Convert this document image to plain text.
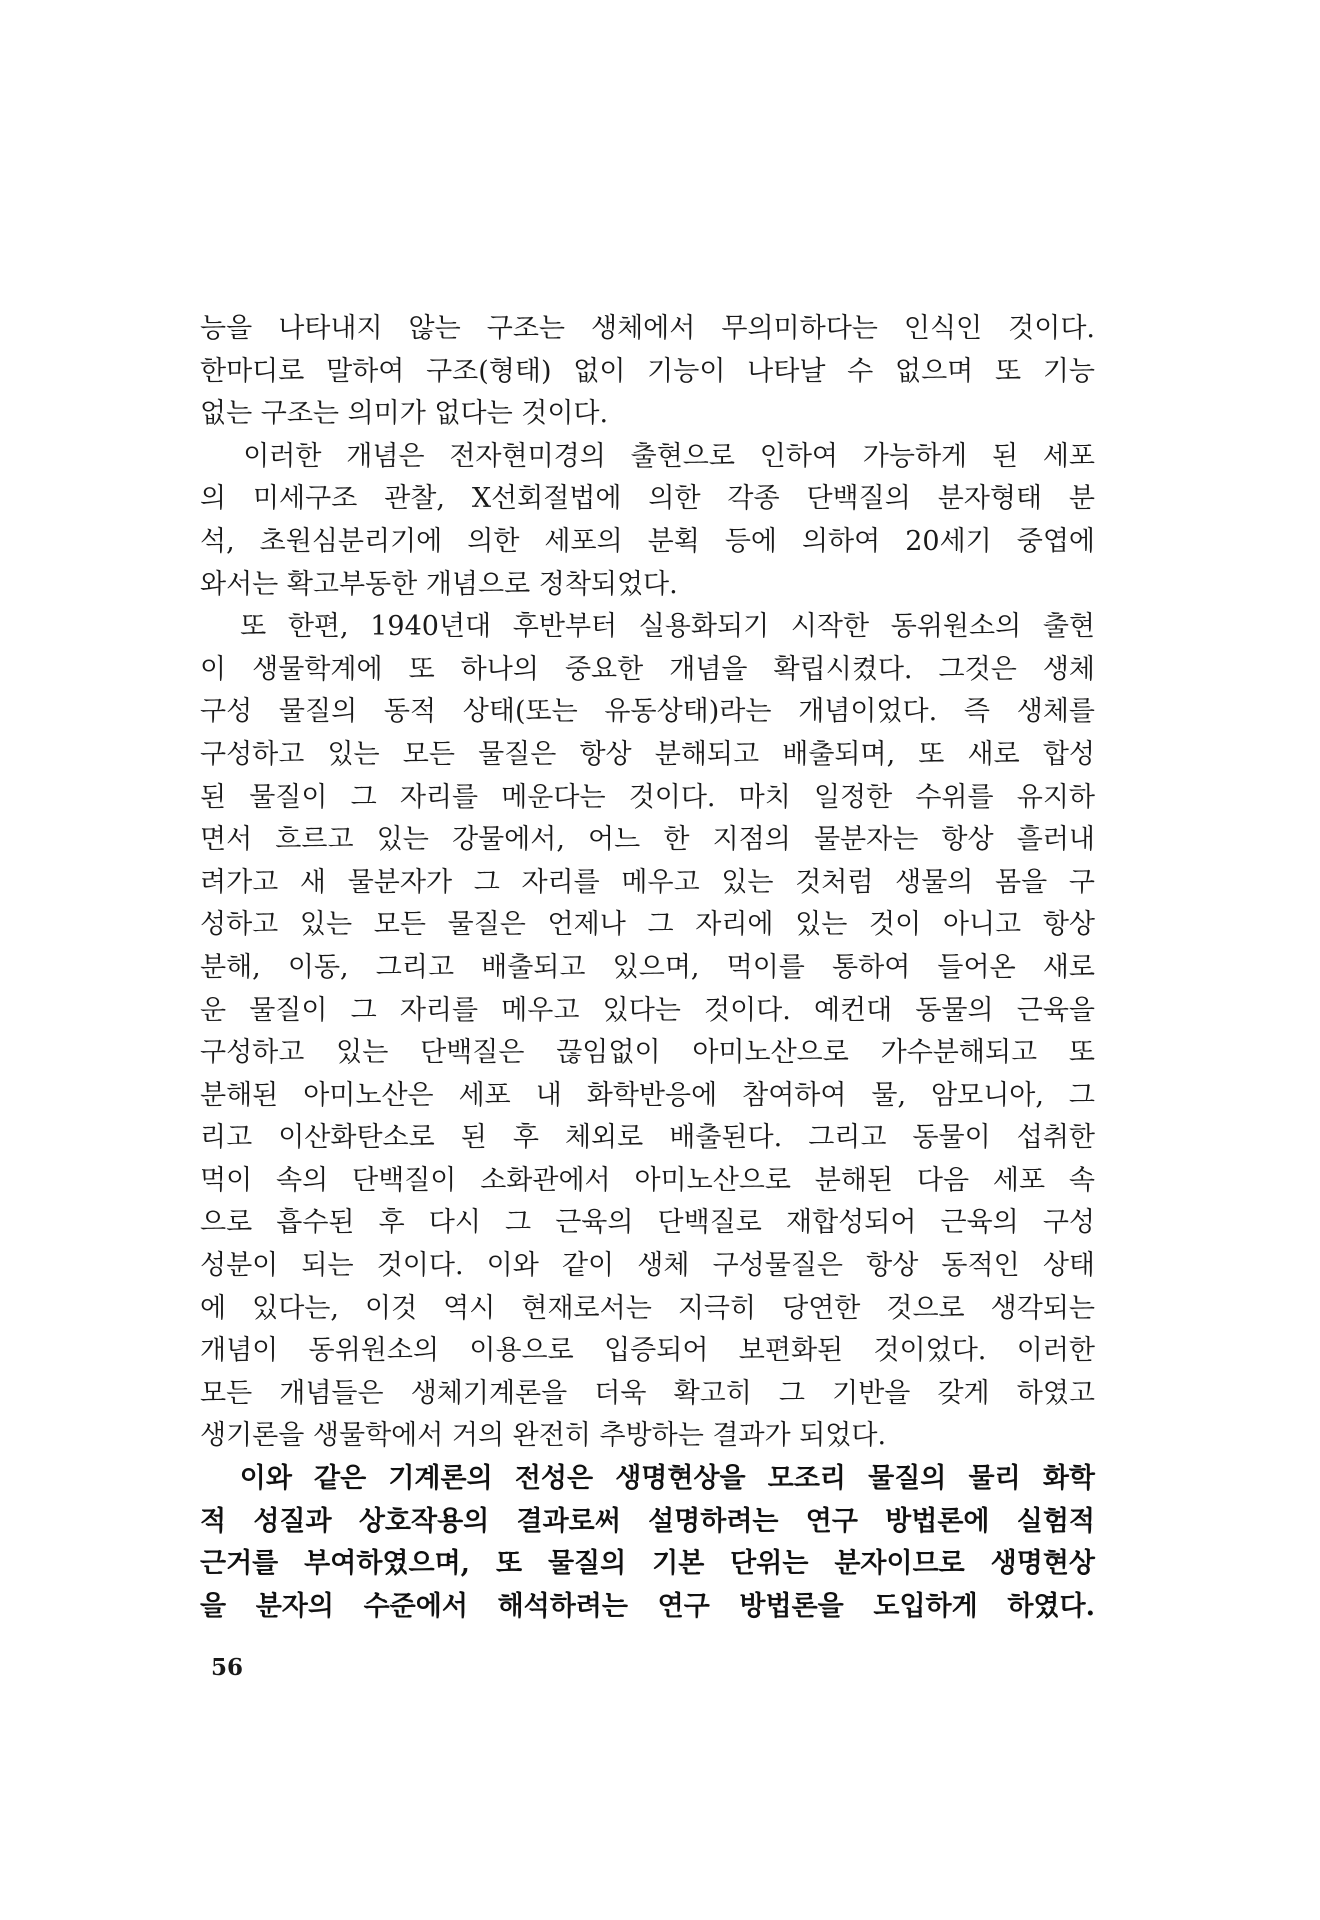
능을 나타내지 않는 구조는 생체에서 무의미하다는 인식인 것이다.
한마디로 말하여 구조(형태) 없이 기능이 나타날 수 없으며 또 기능
없는 구조는 의미가 없다는 것이다.
　이러한 개념은 전자현미경의 출현으로 인하여 가능하게 된 세포
의 미세구조 관찰, X선회절법에 의한 각종 단백질의 분자형태 분
석, 초원심분리기에 의한 세포의 분획 등에 의하여 20세기 중엽에
와서는 확고부동한 개념으로 정착되었다.
　또 한편, 1940년대 후반부터 실용화되기 시작한 동위원소의 출현
이 생물학계에 또 하나의 중요한 개념을 확립시켰다. 그것은 생체
구성 물질의 동적 상태(또는 유동상태)라는 개념이었다. 즉 생체를
구성하고 있는 모든 물질은 항상 분해되고 배출되며, 또 새로 합성
된 물질이 그 자리를 메운다는 것이다. 마치 일정한 수위를 유지하
면서 흐르고 있는 강물에서, 어느 한 지점의 물분자는 항상 흘러내
려가고 새 물분자가 그 자리를 메우고 있는 것처럼 생물의 몸을 구
성하고 있는 모든 물질은 언제나 그 자리에 있는 것이 아니고 항상
분해, 이동, 그리고 배출되고 있으며, 먹이를 통하여 들어온 새로
운 물질이 그 자리를 메우고 있다는 것이다. 예컨대 동물의 근육을
구성하고 있는 단백질은 끊임없이 아미노산으로 가수분해되고 또
분해된 아미노산은 세포 내 화학반응에 참여하여 물, 암모니아, 그
리고 이산화탄소로 된 후 체외로 배출된다. 그리고 동물이 섭취한
먹이 속의 단백질이 소화관에서 아미노산으로 분해된 다음 세포 속
으로 흡수된 후 다시 그 근육의 단백질로 재합성되어 근육의 구성
성분이 되는 것이다. 이와 같이 생체 구성물질은 항상 동적인 상태
에 있다는, 이것 역시 현재로서는 지극히 당연한 것으로 생각되는
개념이 동위원소의 이용으로 입증되어 보편화된 것이었다. 이러한
모든 개념들은 생체기계론을 더욱 확고히 그 기반을 갖게 하였고
생기론을 생물학에서 거의 완전히 추방하는 결과가 되었다.
　이와 같은 기계론의 전성은 생명현상을 모조리 물질의 물리 화학
적 성질과 상호작용의 결과로써 설명하려는 연구 방법론에 실험적
근거를 부여하였으며, 또 물질의 기본 단위는 분자이므로 생명현상
을 분자의 수준에서 해석하려는 연구 방법론을 도입하게 하였다.
56
